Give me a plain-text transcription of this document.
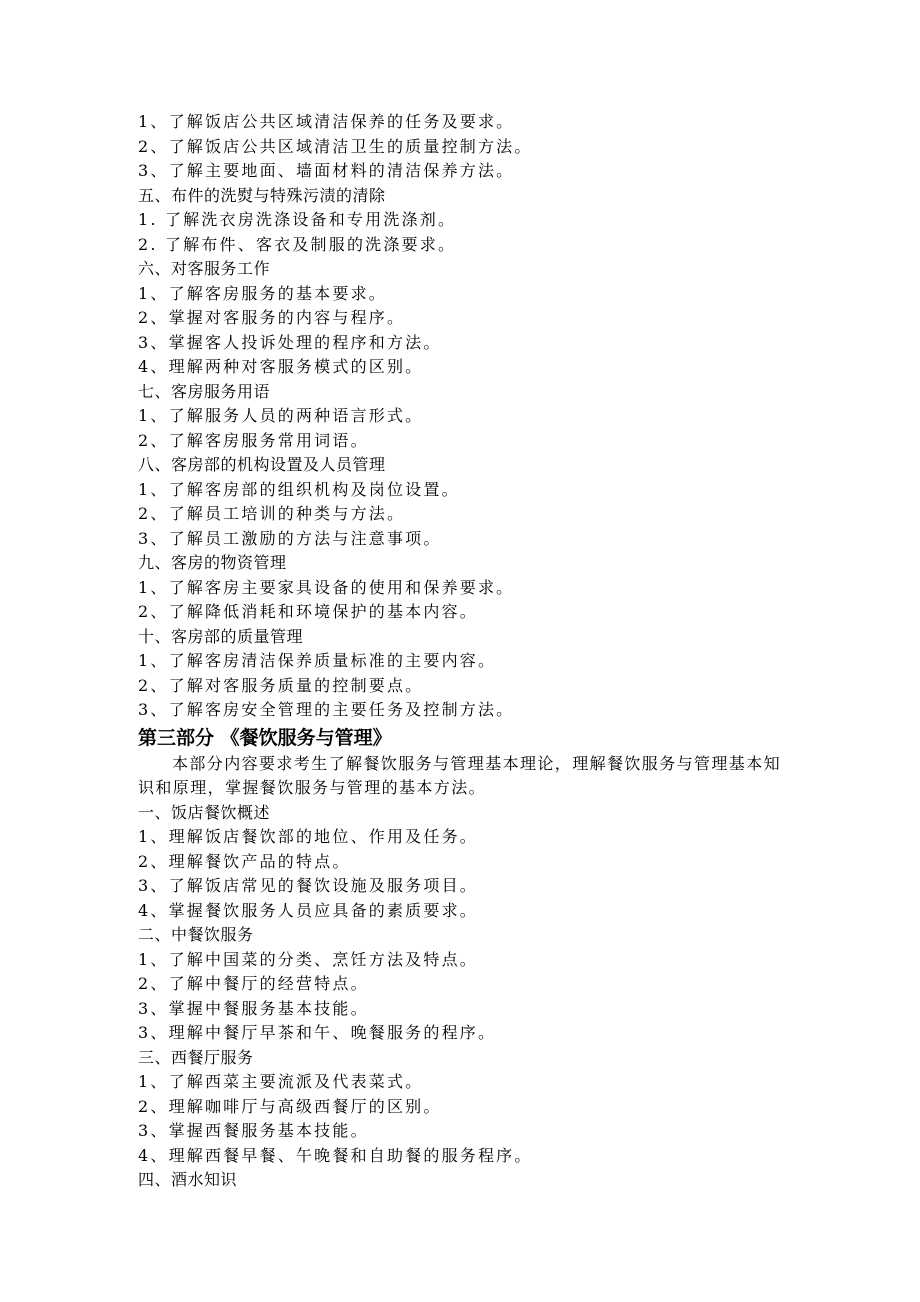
1、了解饭店公共区域清洁保养的任务及要求。
2、了解饭店公共区域清洁卫生的质量控制方法。
3、了解主要地面、墙面材料的清洁保养方法。
五、布件的洗熨与特殊污渍的清除
1. 了解洗衣房洗涤设备和专用洗涤剂。
2. 了解布件、客衣及制服的洗涤要求。
六、对客服务工作
1、了解客房服务的基本要求。
2、掌握对客服务的内容与程序。
3、掌握客人投诉处理的程序和方法。
4、理解两种对客服务模式的区别。
七、客房服务用语
1、了解服务人员的两种语言形式。
2、了解客房服务常用词语。
八、客房部的机构设置及人员管理
1、了解客房部的组织机构及岗位设置。
2、了解员工培训的种类与方法。
3、了解员工激励的方法与注意事项。
九、客房的物资管理
1、了解客房主要家具设备的使用和保养要求。
2、了解降低消耗和环境保护的基本内容。
十、客房部的质量管理
1、了解客房清洁保养质量标准的主要内容。
2、了解对客服务质量的控制要点。
3、了解客房安全管理的主要任务及控制方法。
第三部分 《餐饮服务与管理》
本部分内容要求考生了解餐饮服务与管理基本理论，理解餐饮服务与管理基本知识和原理，掌握餐饮服务与管理的基本方法。
一、饭店餐饮概述
1、理解饭店餐饮部的地位、作用及任务。
2、理解餐饮产品的特点。
3、了解饭店常见的餐饮设施及服务项目。
4、掌握餐饮服务人员应具备的素质要求。
二、中餐饮服务
1、了解中国菜的分类、烹饪方法及特点。
2、了解中餐厅的经营特点。
3、掌握中餐服务基本技能。
3、理解中餐厅早茶和午、晚餐服务的程序。
三、西餐厅服务
1、了解西菜主要流派及代表菜式。
2、理解咖啡厅与高级西餐厅的区别。
3、掌握西餐服务基本技能。
4、理解西餐早餐、午晚餐和自助餐的服务程序。
四、酒水知识
